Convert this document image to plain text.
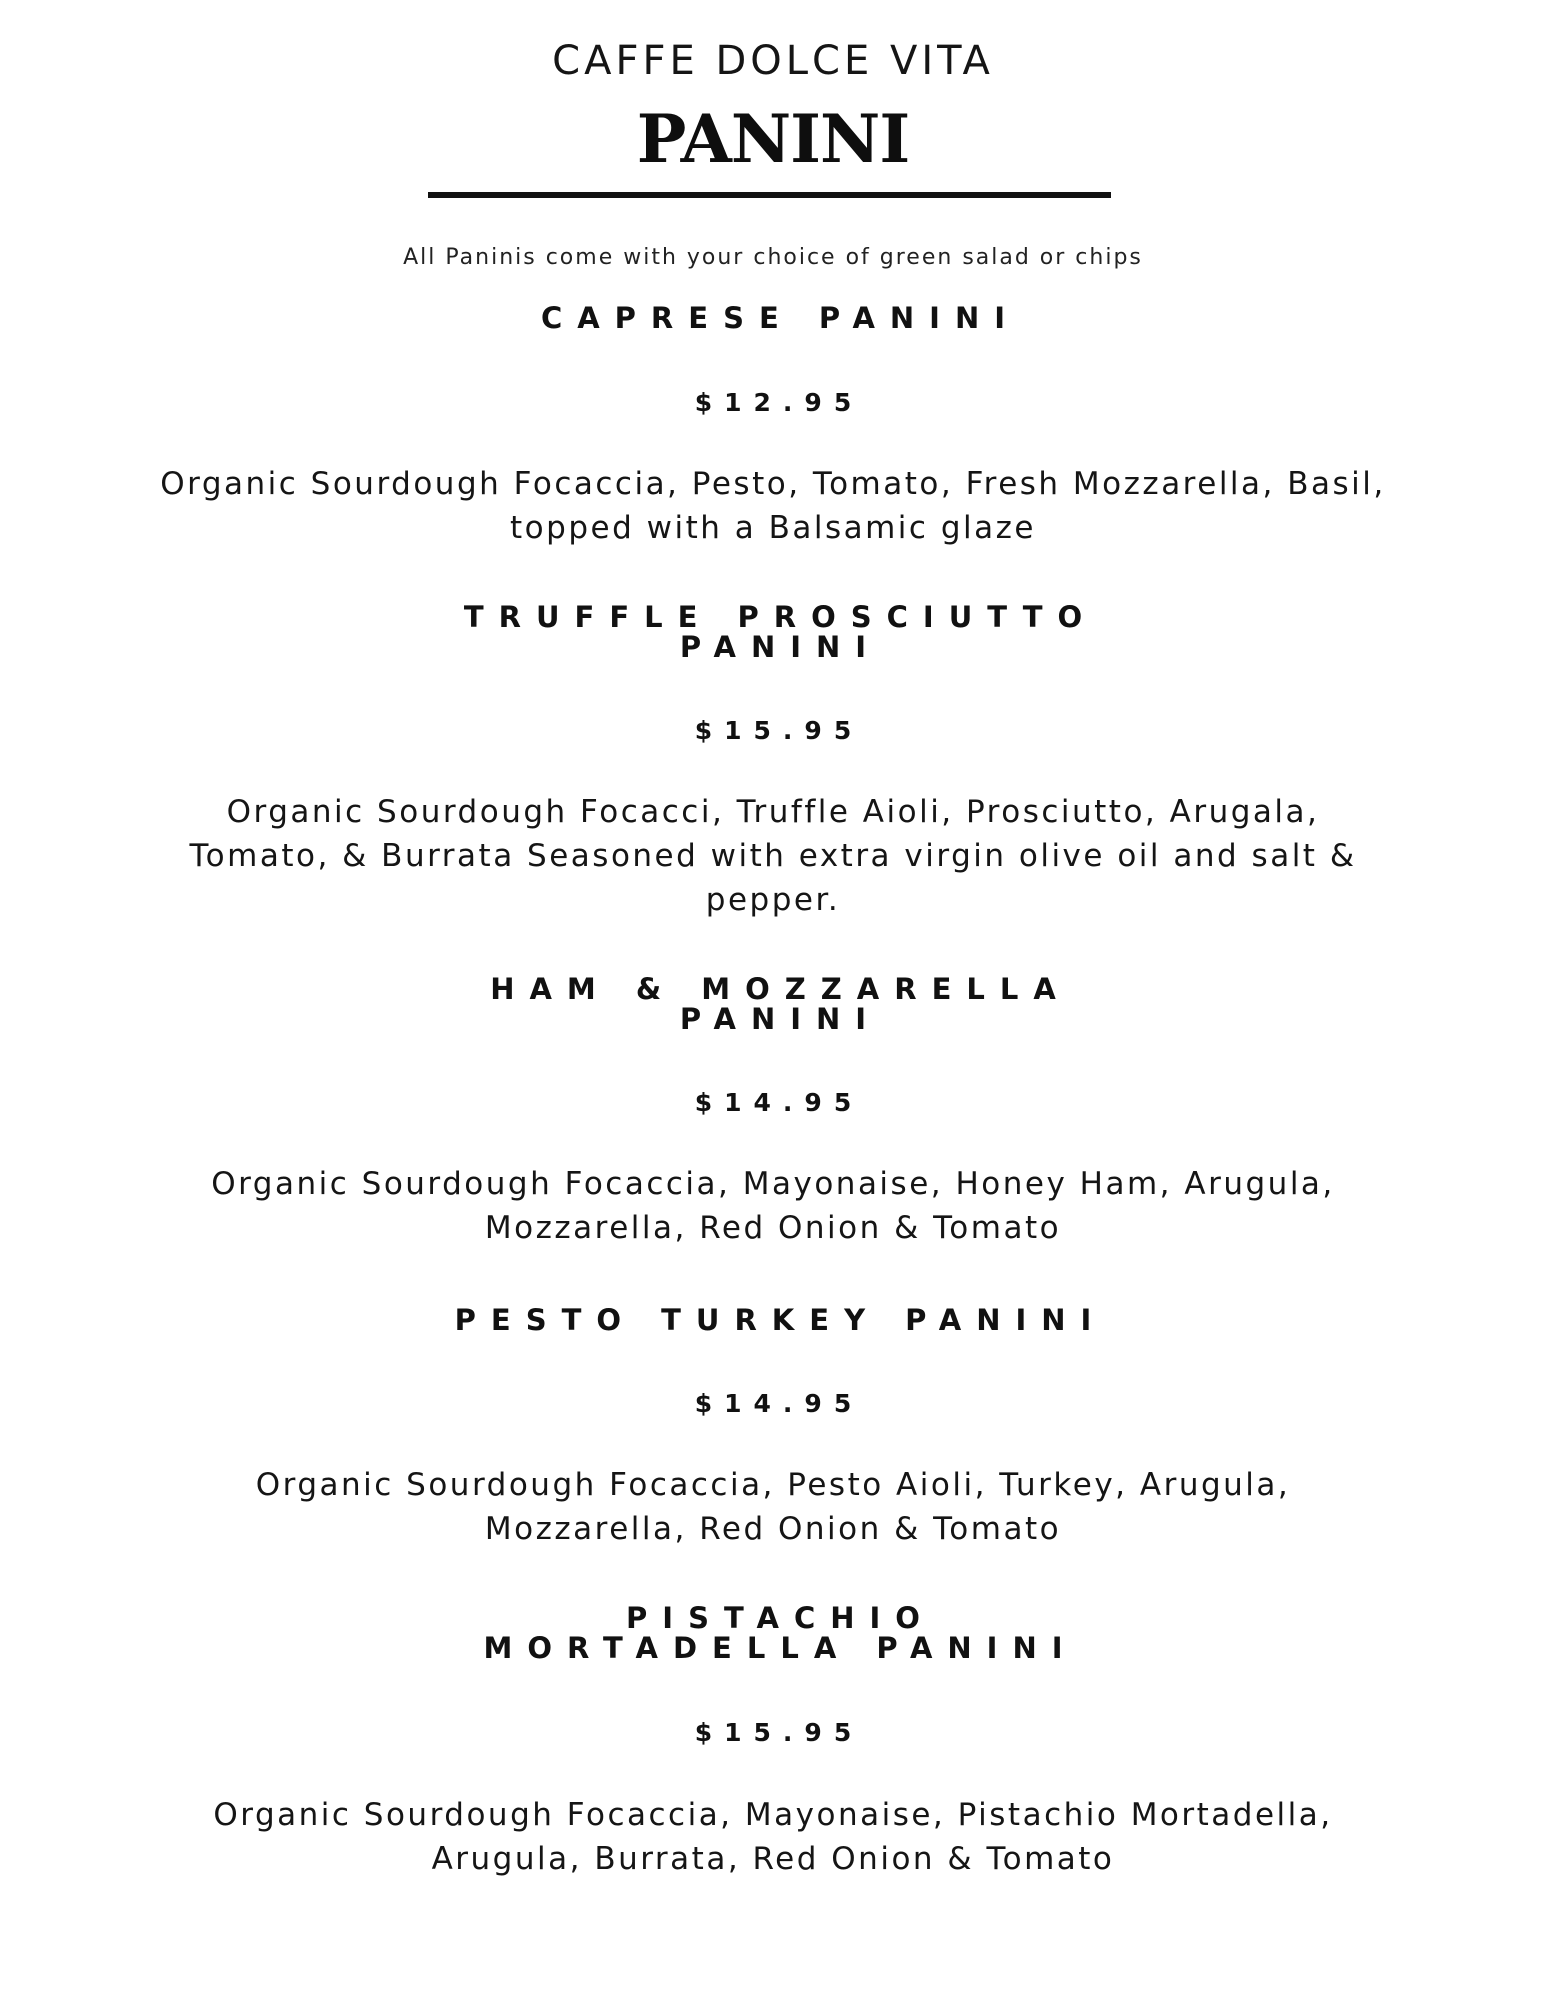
CAFFE DOLCE VITA
PANINI
All Paninis come with your choice of green salad or chips
CAPRESE PANINI
$12.95
Organic Sourdough Focaccia, Pesto, Tomato, Fresh Mozzarella, Basil,
topped with a Balsamic glaze
TRUFFLE PROSCIUTTO
PANINI
$15.95
Organic Sourdough Focacci, Truffle Aioli, Prosciutto, Arugala,
Tomato, & Burrata Seasoned with extra virgin olive oil and salt &
pepper.
HAM & MOZZARELLA
PANINI
$14.95
Organic Sourdough Focaccia, Mayonaise, Honey Ham, Arugula,
Mozzarella, Red Onion & Tomato
PESTO TURKEY PANINI
$14.95
Organic Sourdough Focaccia, Pesto Aioli, Turkey, Arugula,
Mozzarella, Red Onion & Tomato
PISTACHIO
MORTADELLA PANINI
$15.95
Organic Sourdough Focaccia, Mayonaise, Pistachio Mortadella,
Arugula, Burrata, Red Onion & Tomato
